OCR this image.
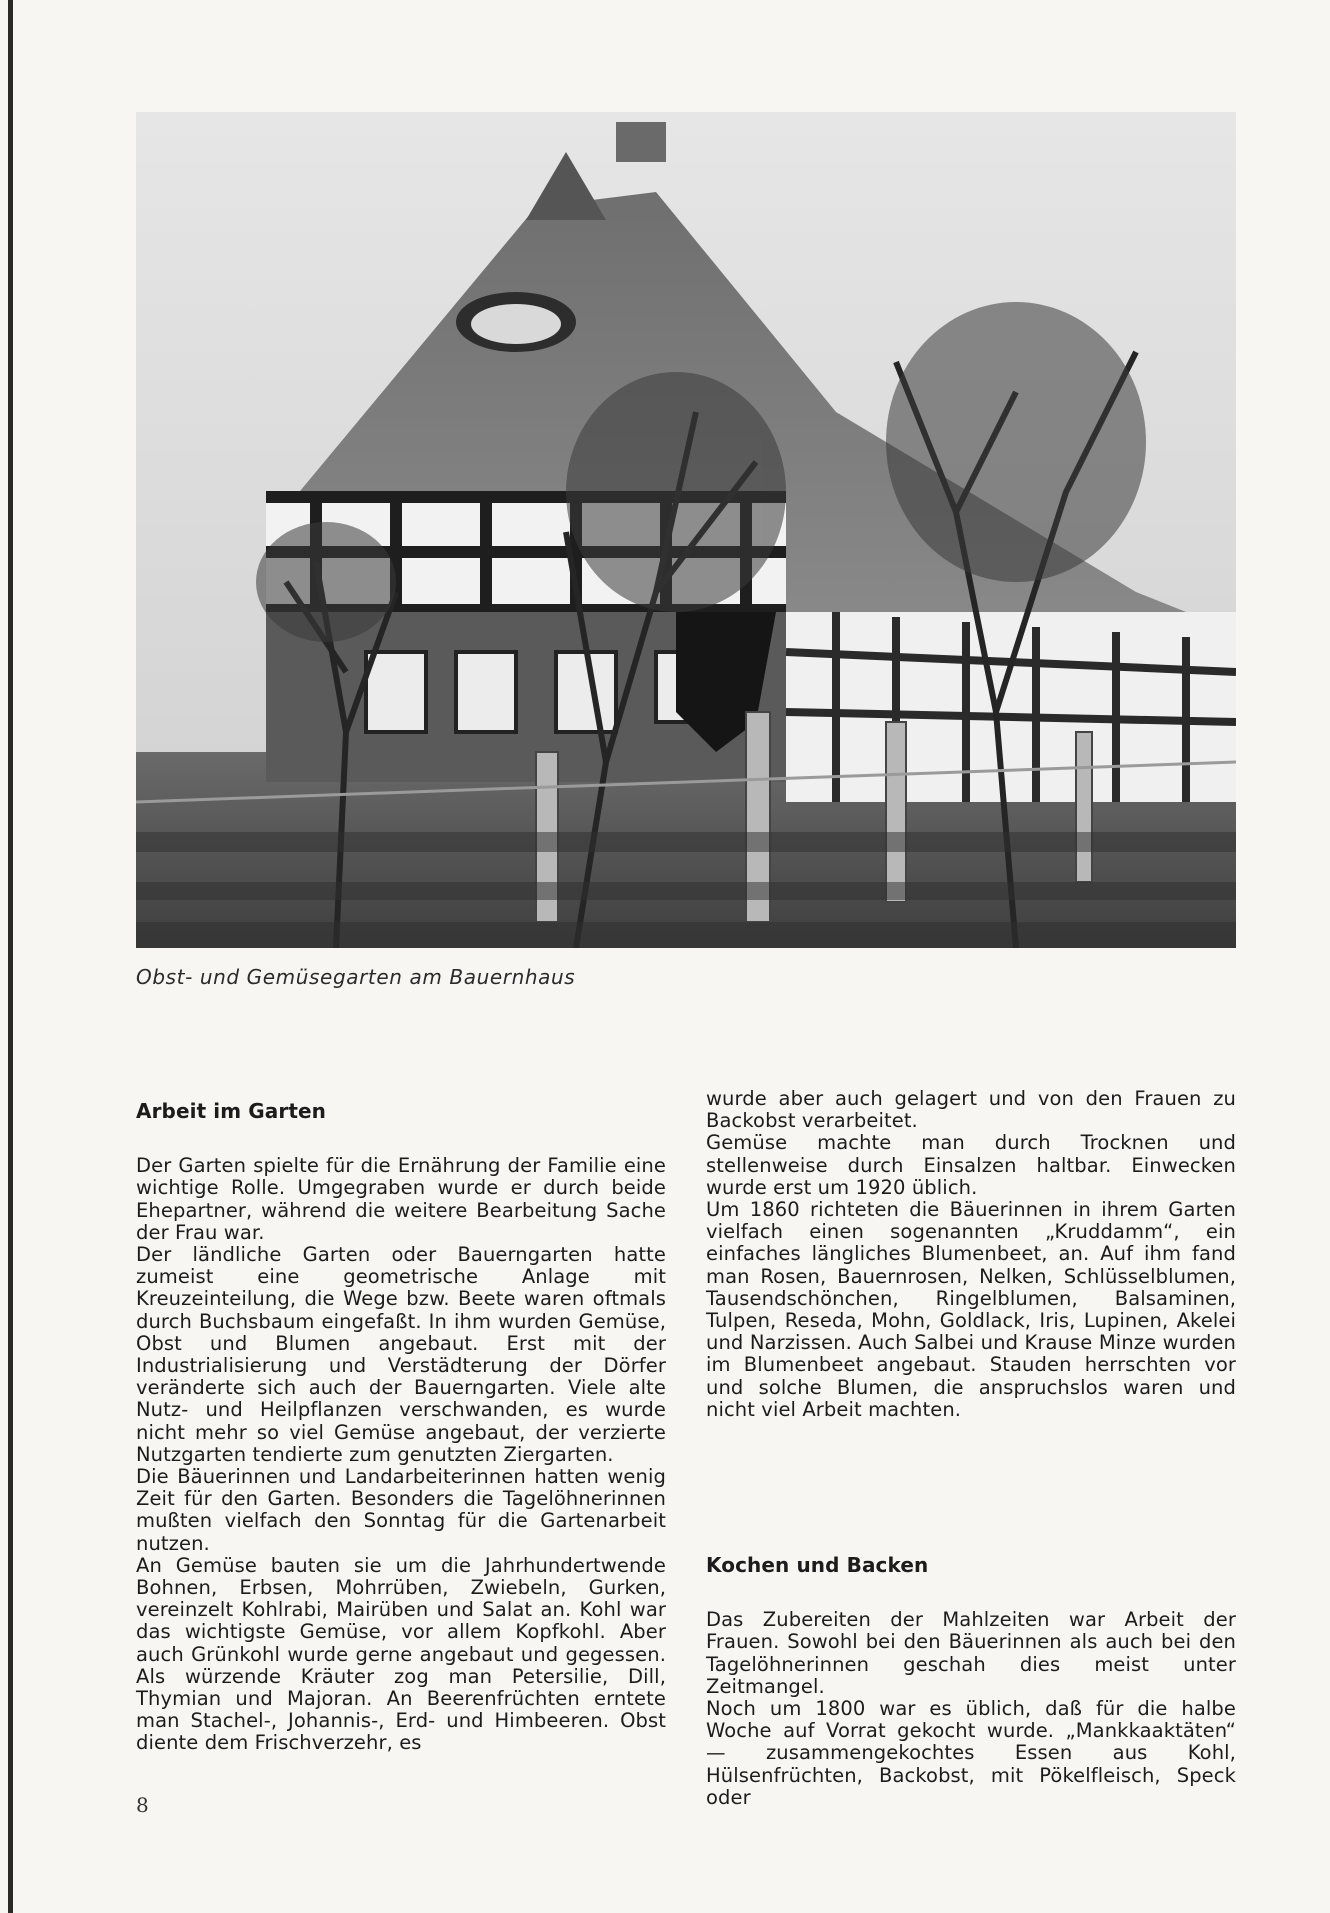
Obst- und Gemüsegarten am Bauernhaus
Arbeit im Garten

Der Garten spielte für die Ernährung der Familie eine wichtige Rolle. Umgegraben wurde er durch beide Ehepartner, während die weitere Bearbeitung Sache der Frau war.

Der ländliche Garten oder Bauerngarten hatte zumeist eine geometrische Anlage mit Kreuzeinteilung, die Wege bzw. Beete waren oftmals durch Buchsbaum eingefaßt. In ihm wurden Gemüse, Obst und Blumen angebaut. Erst mit der Industrialisierung und Verstädterung der Dörfer veränderte sich auch der Bauerngarten. Viele alte Nutz- und Heilpflanzen verschwanden, es wurde nicht mehr so viel Gemüse angebaut, der verzierte Nutzgarten tendierte zum genutzten Ziergarten.

Die Bäuerinnen und Landarbeiterinnen hatten wenig Zeit für den Garten. Besonders die Tagelöhnerinnen mußten vielfach den Sonntag für die Gartenarbeit nutzen.

An Gemüse bauten sie um die Jahrhundertwende Bohnen, Erbsen, Mohrrüben, Zwiebeln, Gurken, vereinzelt Kohlrabi, Mairüben und Salat an. Kohl war das wichtigste Gemüse, vor allem Kopfkohl. Aber auch Grünkohl wurde gerne angebaut und gegessen. Als würzende Kräuter zog man Petersilie, Dill, Thymian und Majoran. An Beerenfrüchten erntete man Stachel-, Johannis-, Erd- und Himbeeren. Obst diente dem Frischverzehr, es

wurde aber auch gelagert und von den Frauen zu Backobst verarbeitet.

Gemüse machte man durch Trocknen und stellenweise durch Einsalzen haltbar. Einwecken wurde erst um 1920 üblich.

Um 1860 richteten die Bäuerinnen in ihrem Garten vielfach einen sogenannten „Kruddamm“, ein einfaches längliches Blumenbeet, an. Auf ihm fand man Rosen, Bauernrosen, Nelken, Schlüsselblumen, Tausendschönchen, Ringelblumen, Balsaminen, Tulpen, Reseda, Mohn, Goldlack, Iris, Lupinen, Akelei und Narzissen. Auch Salbei und Krause Minze wurden im Blumenbeet angebaut. Stauden herrschten vor und solche Blumen, die anspruchslos waren und nicht viel Arbeit machten.

Kochen und Backen

Das Zubereiten der Mahlzeiten war Arbeit der Frauen. Sowohl bei den Bäuerinnen als auch bei den Tagelöhnerinnen geschah dies meist unter Zeitmangel.

Noch um 1800 war es üblich, daß für die halbe Woche auf Vorrat gekocht wurde. „Mankkaaktäten“ — zusammengekochtes Essen aus Kohl, Hülsenfrüchten, Backobst, mit Pökelfleisch, Speck oder

8
